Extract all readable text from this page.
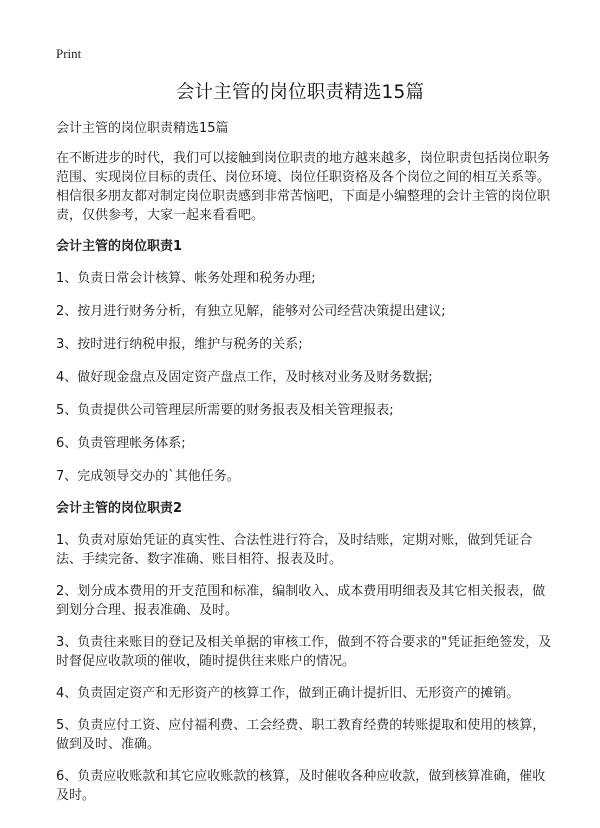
Print
会计主管的岗位职责精选15篇

会计主管的岗位职责精选15篇

在不断进步的时代，我们可以接触到岗位职责的地方越来越多，岗位职责包括岗位职务范围、实现岗位目标的责任、岗位环境、岗位任职资格及各个岗位之间的相互关系等。相信很多朋友都对制定岗位职责感到非常苦恼吧，下面是小编整理的会计主管的岗位职责，仅供参考，大家一起来看看吧。

会计主管的岗位职责1

1、负责日常会计核算、帐务处理和税务办理;

2、按月进行财务分析，有独立见解，能够对公司经营决策提出建议;

3、按时进行纳税申报，维护与税务的关系;

4、做好现金盘点及固定资产盘点工作，及时核对业务及财务数据;

5、负责提供公司管理层所需要的财务报表及相关管理报表;

6、负责管理帐务体系;

7、完成领导交办的`其他任务。

会计主管的岗位职责2

1、负责对原始凭证的真实性、合法性进行符合，及时结账，定期对账，做到凭证合法、手续完备、数字准确、账目相符、报表及时。

2、划分成本费用的开支范围和标准，编制收入、成本费用明细表及其它相关报表，做到划分合理、报表准确、及时。

3、负责往来账目的登记及相关单据的审核工作，做到不符合要求的"凭证拒绝签发，及时督促应收款项的催收，随时提供往来账户的情况。

4、负责固定资产和无形资产的核算工作，做到正确计提折旧、无形资产的摊销。

5、负责应付工资、应付福利费、工会经费、职工教育经费的转账提取和使用的核算，做到及时、准确。

6、负责应收账款和其它应收账款的核算，及时催收各种应收款，做到核算准确，催收及时。
